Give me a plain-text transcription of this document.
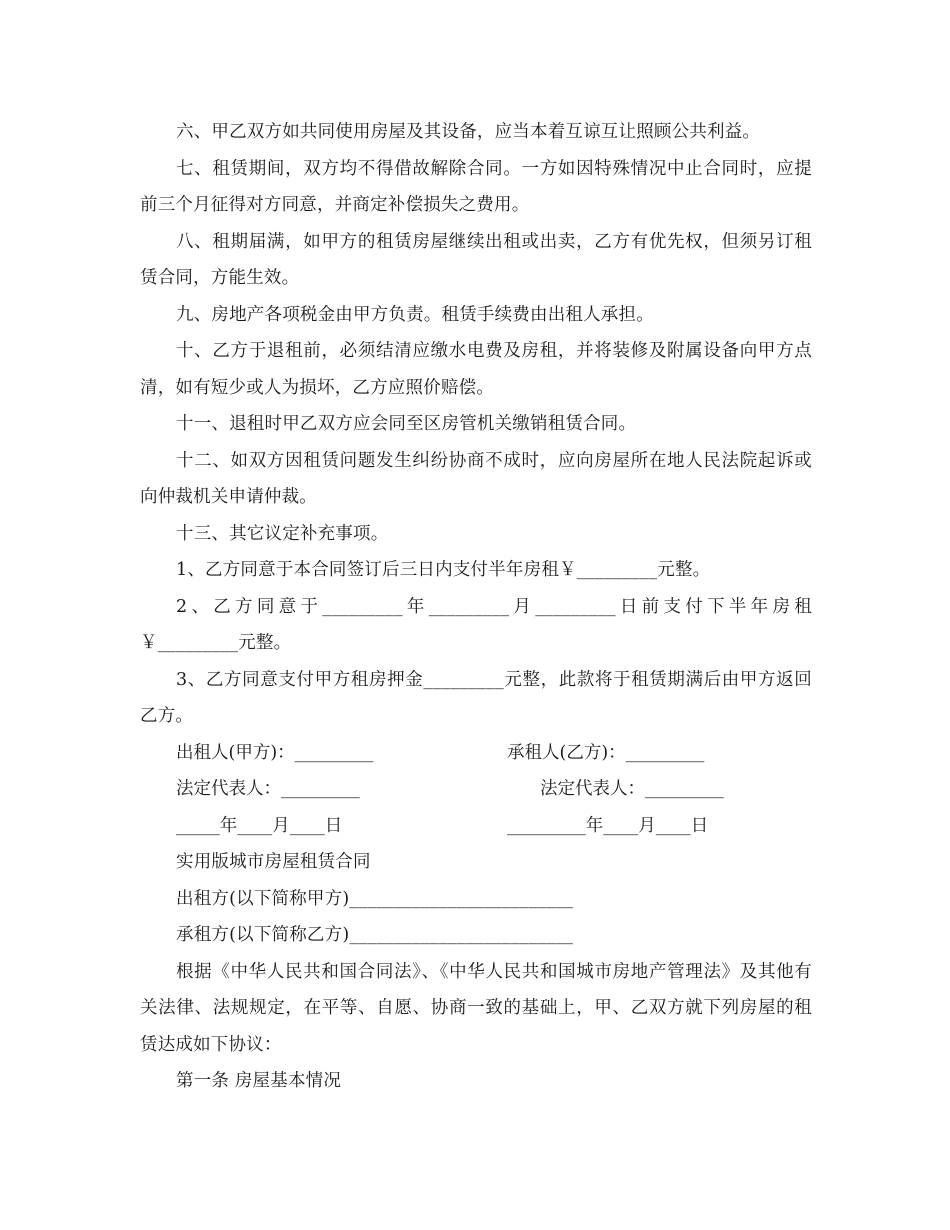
六、甲乙双方如共同使用房屋及其设备，应当本着互谅互让照顾公共利益。

七、租赁期间，双方均不得借故解除合同。一方如因特殊情况中止合同时，应提前三个月征得对方同意，并商定补偿损失之费用。

八、租期届满，如甲方的租赁房屋继续出租或出卖，乙方有优先权，但须另订租赁合同，方能生效。

九、房地产各项税金由甲方负责。租赁手续费由出租人承担。

十、乙方于退租前，必须结清应缴水电费及房租，并将装修及附属设备向甲方点清，如有短少或人为损坏，乙方应照价赔偿。

十一、退租时甲乙双方应会同至区房管机关缴销租赁合同。

十二、如双方因租赁问题发生纠纷协商不成时，应向房屋所在地人民法院起诉或向仲裁机关申请仲裁。

十三、其它议定补充事项。

1、乙方同意于本合同签订后三日内支付半年房租￥_________元整。

2、乙方同意于_________年_________月_________日前支付下半年房租￥_________元整。

3、乙方同意支付甲方租房押金_________元整，此款将于租赁期满后由甲方返回乙方。

出租人(甲方)：_________	承租人(乙方)：_________
法定代表人：_________	法定代表人：_________
_____年____月____日	_________年____月____日

实用版城市房屋租赁合同

出租方(以下简称甲方)_________________________

承租方(以下简称乙方)_________________________

根据《中华人民共和国合同法》、《中华人民共和国城市房地产管理法》及其他有关法律、法规规定，在平等、自愿、协商一致的基础上，甲、乙双方就下列房屋的租赁达成如下协议：

第一条 房屋基本情况
